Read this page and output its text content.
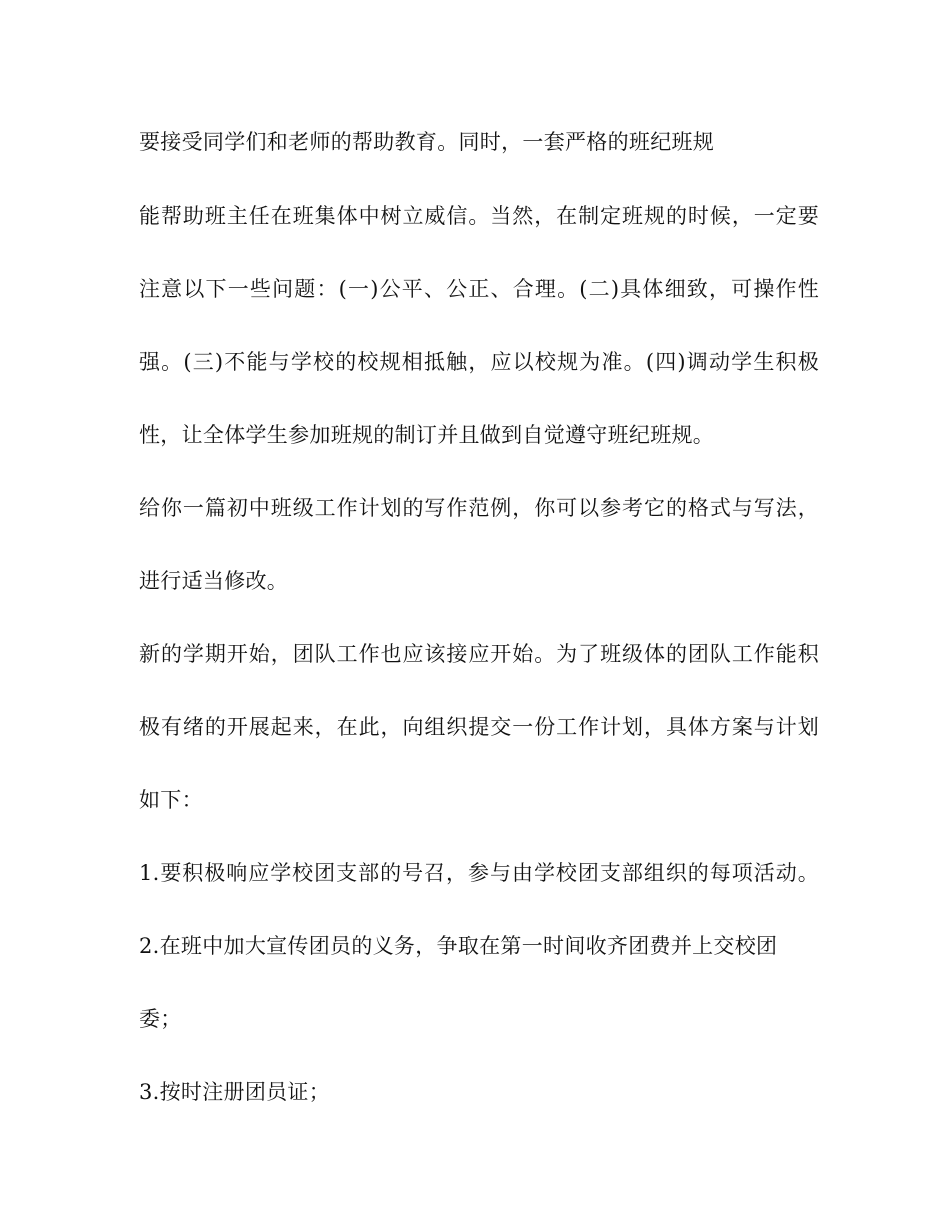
要接受同学们和老师的帮助教育。同时，一套严格的班纪班规
能帮助班主任在班集体中树立威信。当然，在制定班规的时候，一定要
注意以下一些问题：(一)公平、公正、合理。(二)具体细致，可操作性
强。(三)不能与学校的校规相抵触，应以校规为准。(四)调动学生积极
性，让全体学生参加班规的制订并且做到自觉遵守班纪班规。
给你一篇初中班级工作计划的写作范例，你可以参考它的格式与写法，
进行适当修改。
新的学期开始，团队工作也应该接应开始。为了班级体的团队工作能积
极有绪的开展起来，在此，向组织提交一份工作计划，具体方案与计划
如下：
1.要积极响应学校团支部的号召，参与由学校团支部组织的每项活动。
2.在班中加大宣传团员的义务，争取在第一时间收齐团费并上交校团
委；
3.按时注册团员证；
